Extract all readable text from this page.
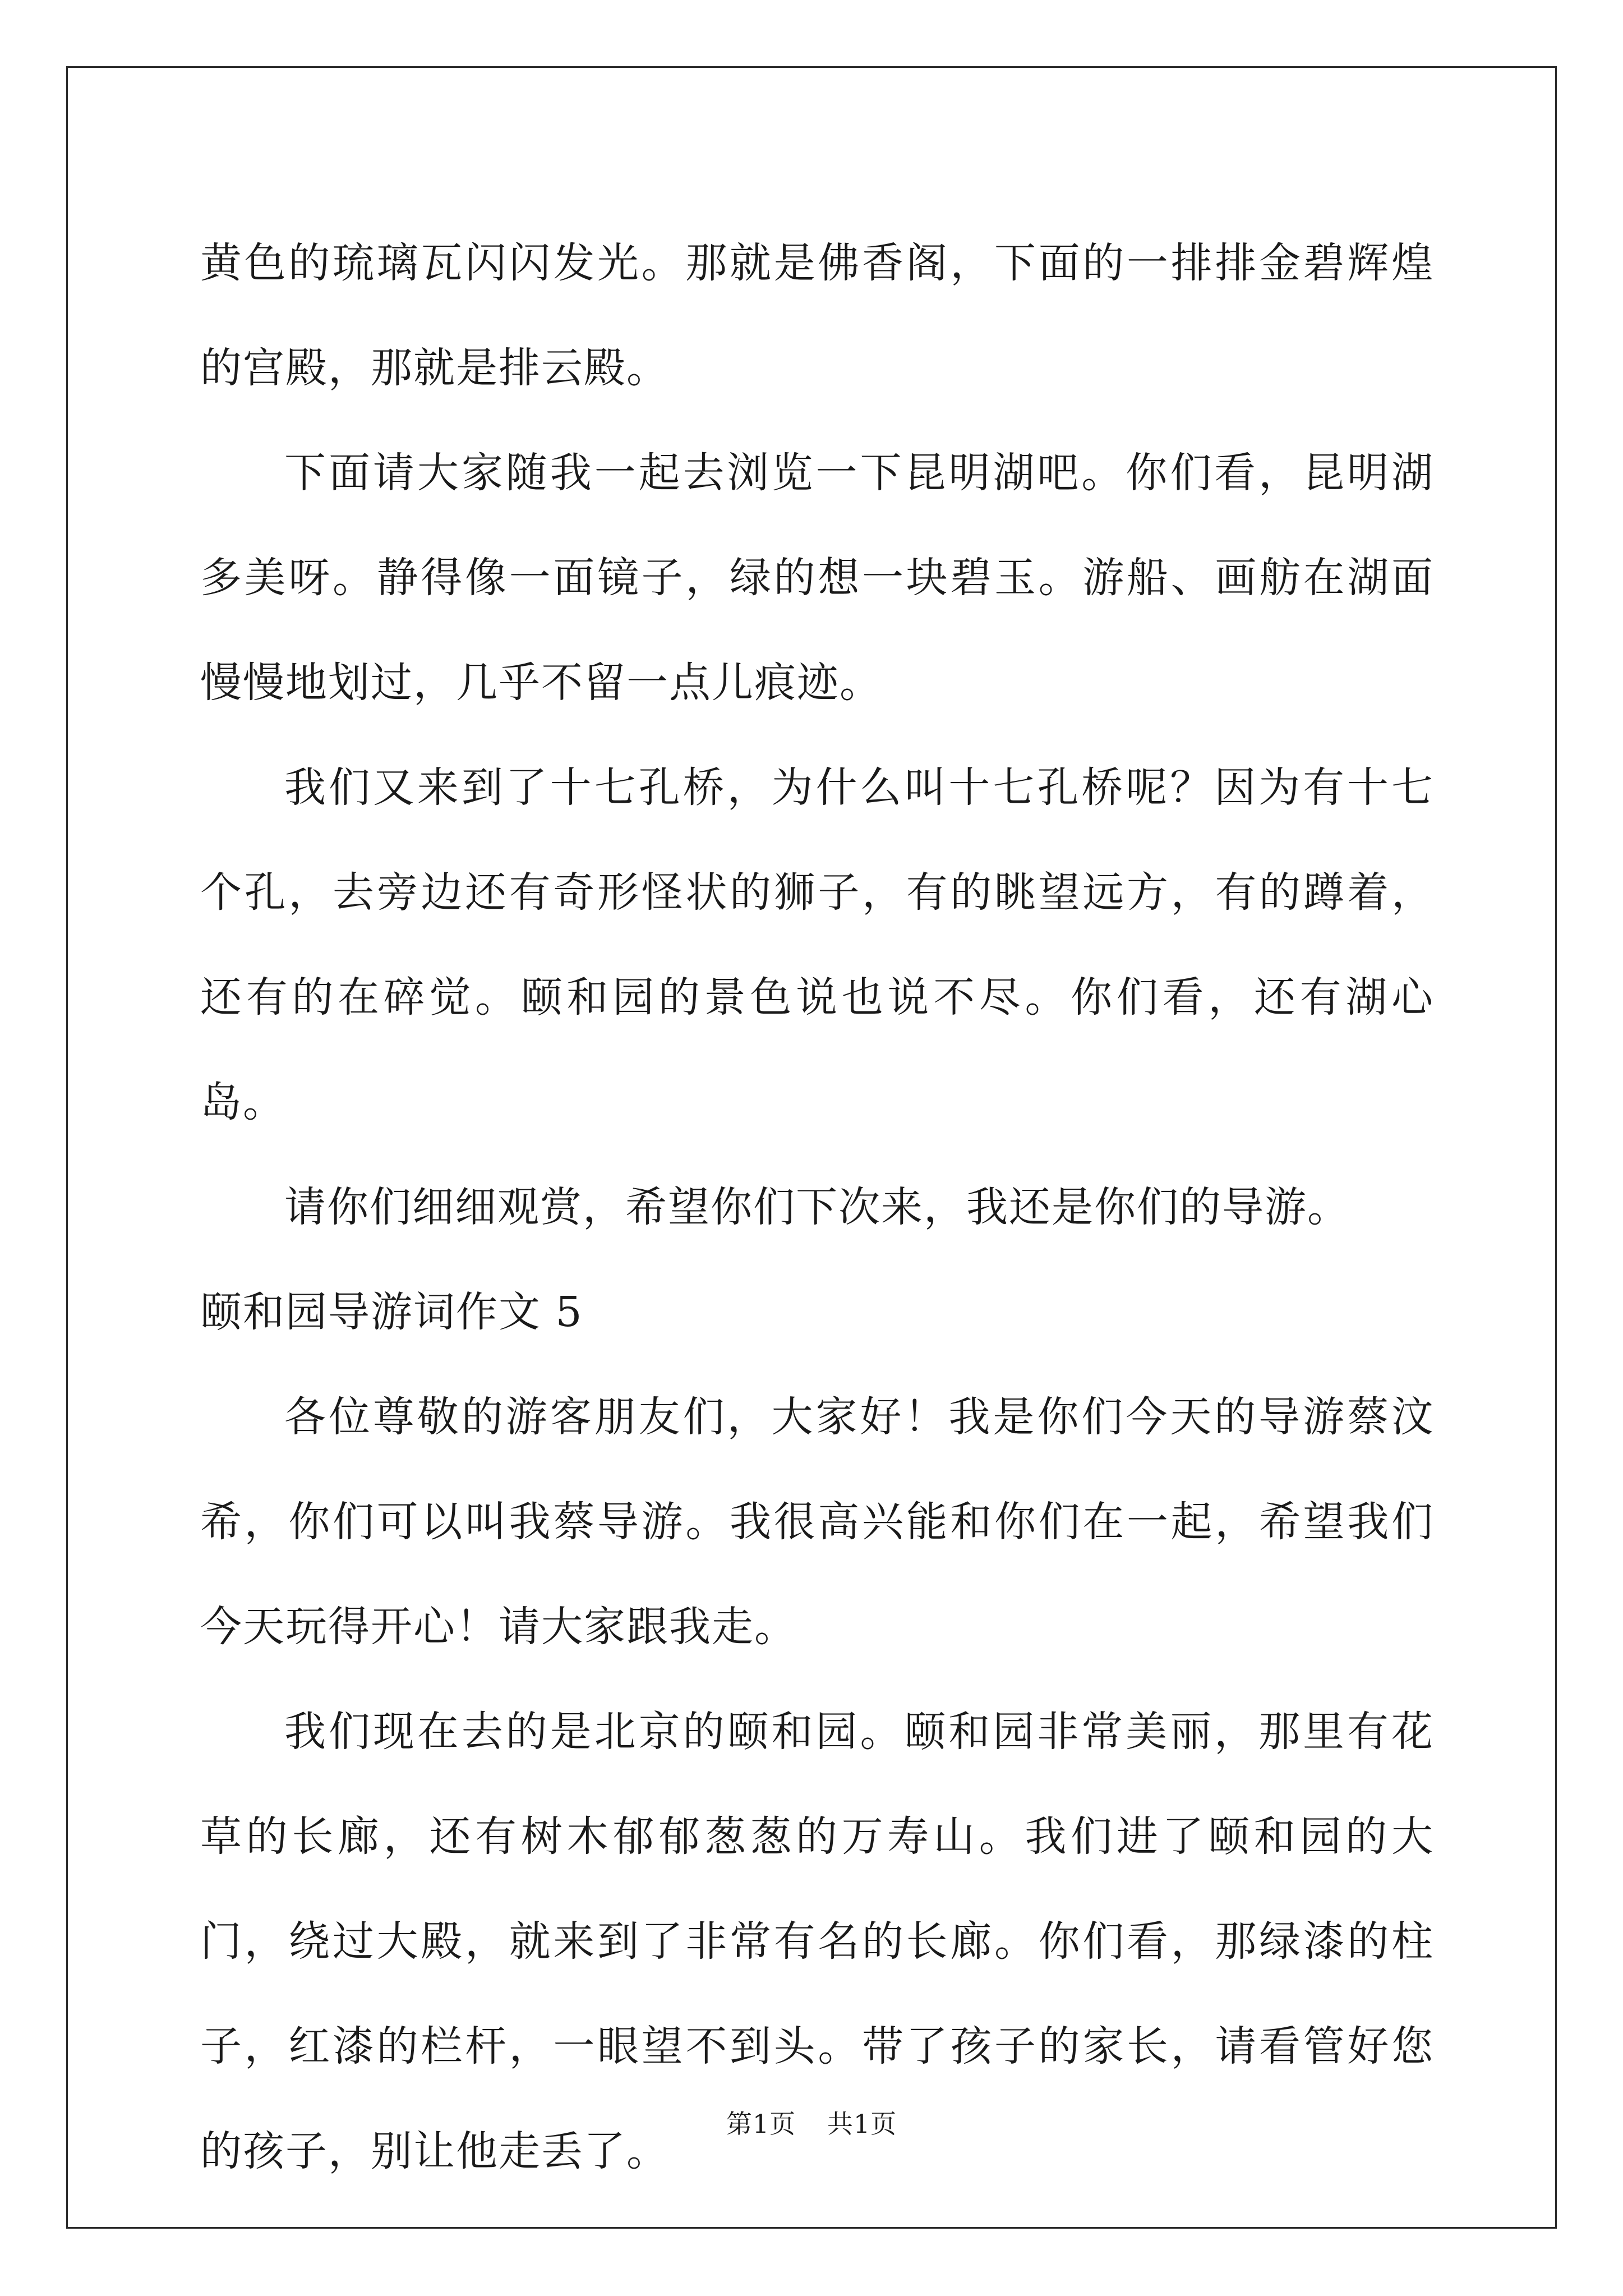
黄色的琉璃瓦闪闪发光。那就是佛香阁，下面的一排排金碧辉煌的宫殿，那就是排云殿。

下面请大家随我一起去浏览一下昆明湖吧。你们看，昆明湖多美呀。静得像一面镜子，绿的想一块碧玉。游船、画舫在湖面慢慢地划过，几乎不留一点儿痕迹。

我们又来到了十七孔桥，为什么叫十七孔桥呢？因为有十七个孔，去旁边还有奇形怪状的狮子，有的眺望远方，有的蹲着，还有的在碎觉。颐和园的景色说也说不尽。你们看，还有湖心岛。

请你们细细观赏，希望你们下次来，我还是你们的导游。

颐和园导游词作文 5

各位尊敬的游客朋友们，大家好！我是你们今天的导游蔡汶希，你们可以叫我蔡导游。我很高兴能和你们在一起，希望我们今天玩得开心！请大家跟我走。

我们现在去的是北京的颐和园。颐和园非常美丽，那里有花草的长廊，还有树木郁郁葱葱的万寿山。我们进了颐和园的大门，绕过大殿，就来到了非常有名的长廊。你们看，那绿漆的柱子，红漆的栏杆，一眼望不到头。带了孩子的家长，请看管好您的孩子，别让他走丢了。

第1页 共1页
